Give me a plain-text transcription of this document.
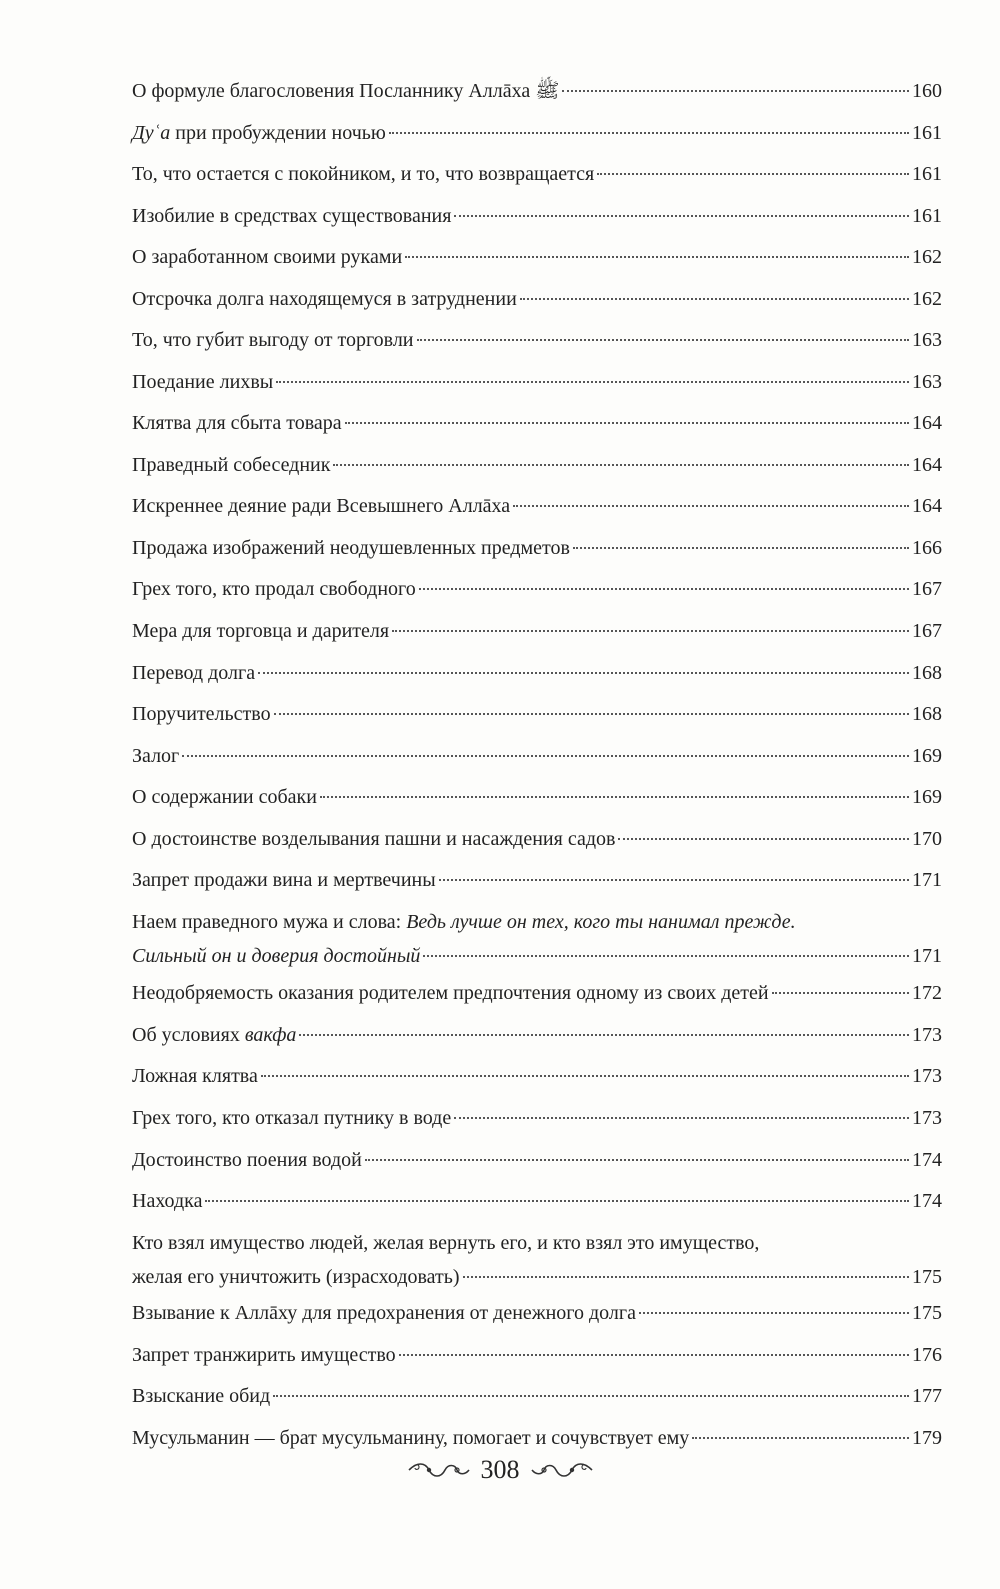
О формуле благословения Посланнику Аллāха ﷺ	160
Дуʿа при пробуждении ночью	161
То, что остается с покойником, и то, что возвращается	161
Изобилие в средствах существования	161
О заработанном своими руками	162
Отсрочка долга находящемуся в затруднении	162
То, что губит выгоду от торговли	163
Поедание лихвы	163
Клятва для сбыта товара	164
Праведный собеседник	164
Искреннее деяние ради Всевышнего Аллāха	164
Продажа изображений неодушевленных предметов	166
Грех того, кто продал свободного	167
Мера для торговца и дарителя	167
Перевод долга	168
Поручительство	168
Залог	169
О содержании собаки	169
О достоинстве возделывания пашни и насаждения садов	170
Запрет продажи вина и мертвечины	171
Наем праведного мужа и слова: Ведь лучше он тех, кого ты нанимал прежде.
Сильный он и доверия достойный	171
Неодобряемость оказания родителем предпочтения одному из своих детей	172
Об условиях вакфа	173
Ложная клятва	173
Грех того, кто отказал путнику в воде	173
Достоинство поения водой	174
Находка	174
Кто взял имущество людей, желая вернуть его, и кто взял это имущество,
желая его уничтожить (израсходовать)	175
Взывание к Аллāху для предохранения от денежного долга	175
Запрет транжирить имущество	176
Взыскание обид	177
Мусульманин — брат мусульманину, помогает и сочувствует ему	179
308
